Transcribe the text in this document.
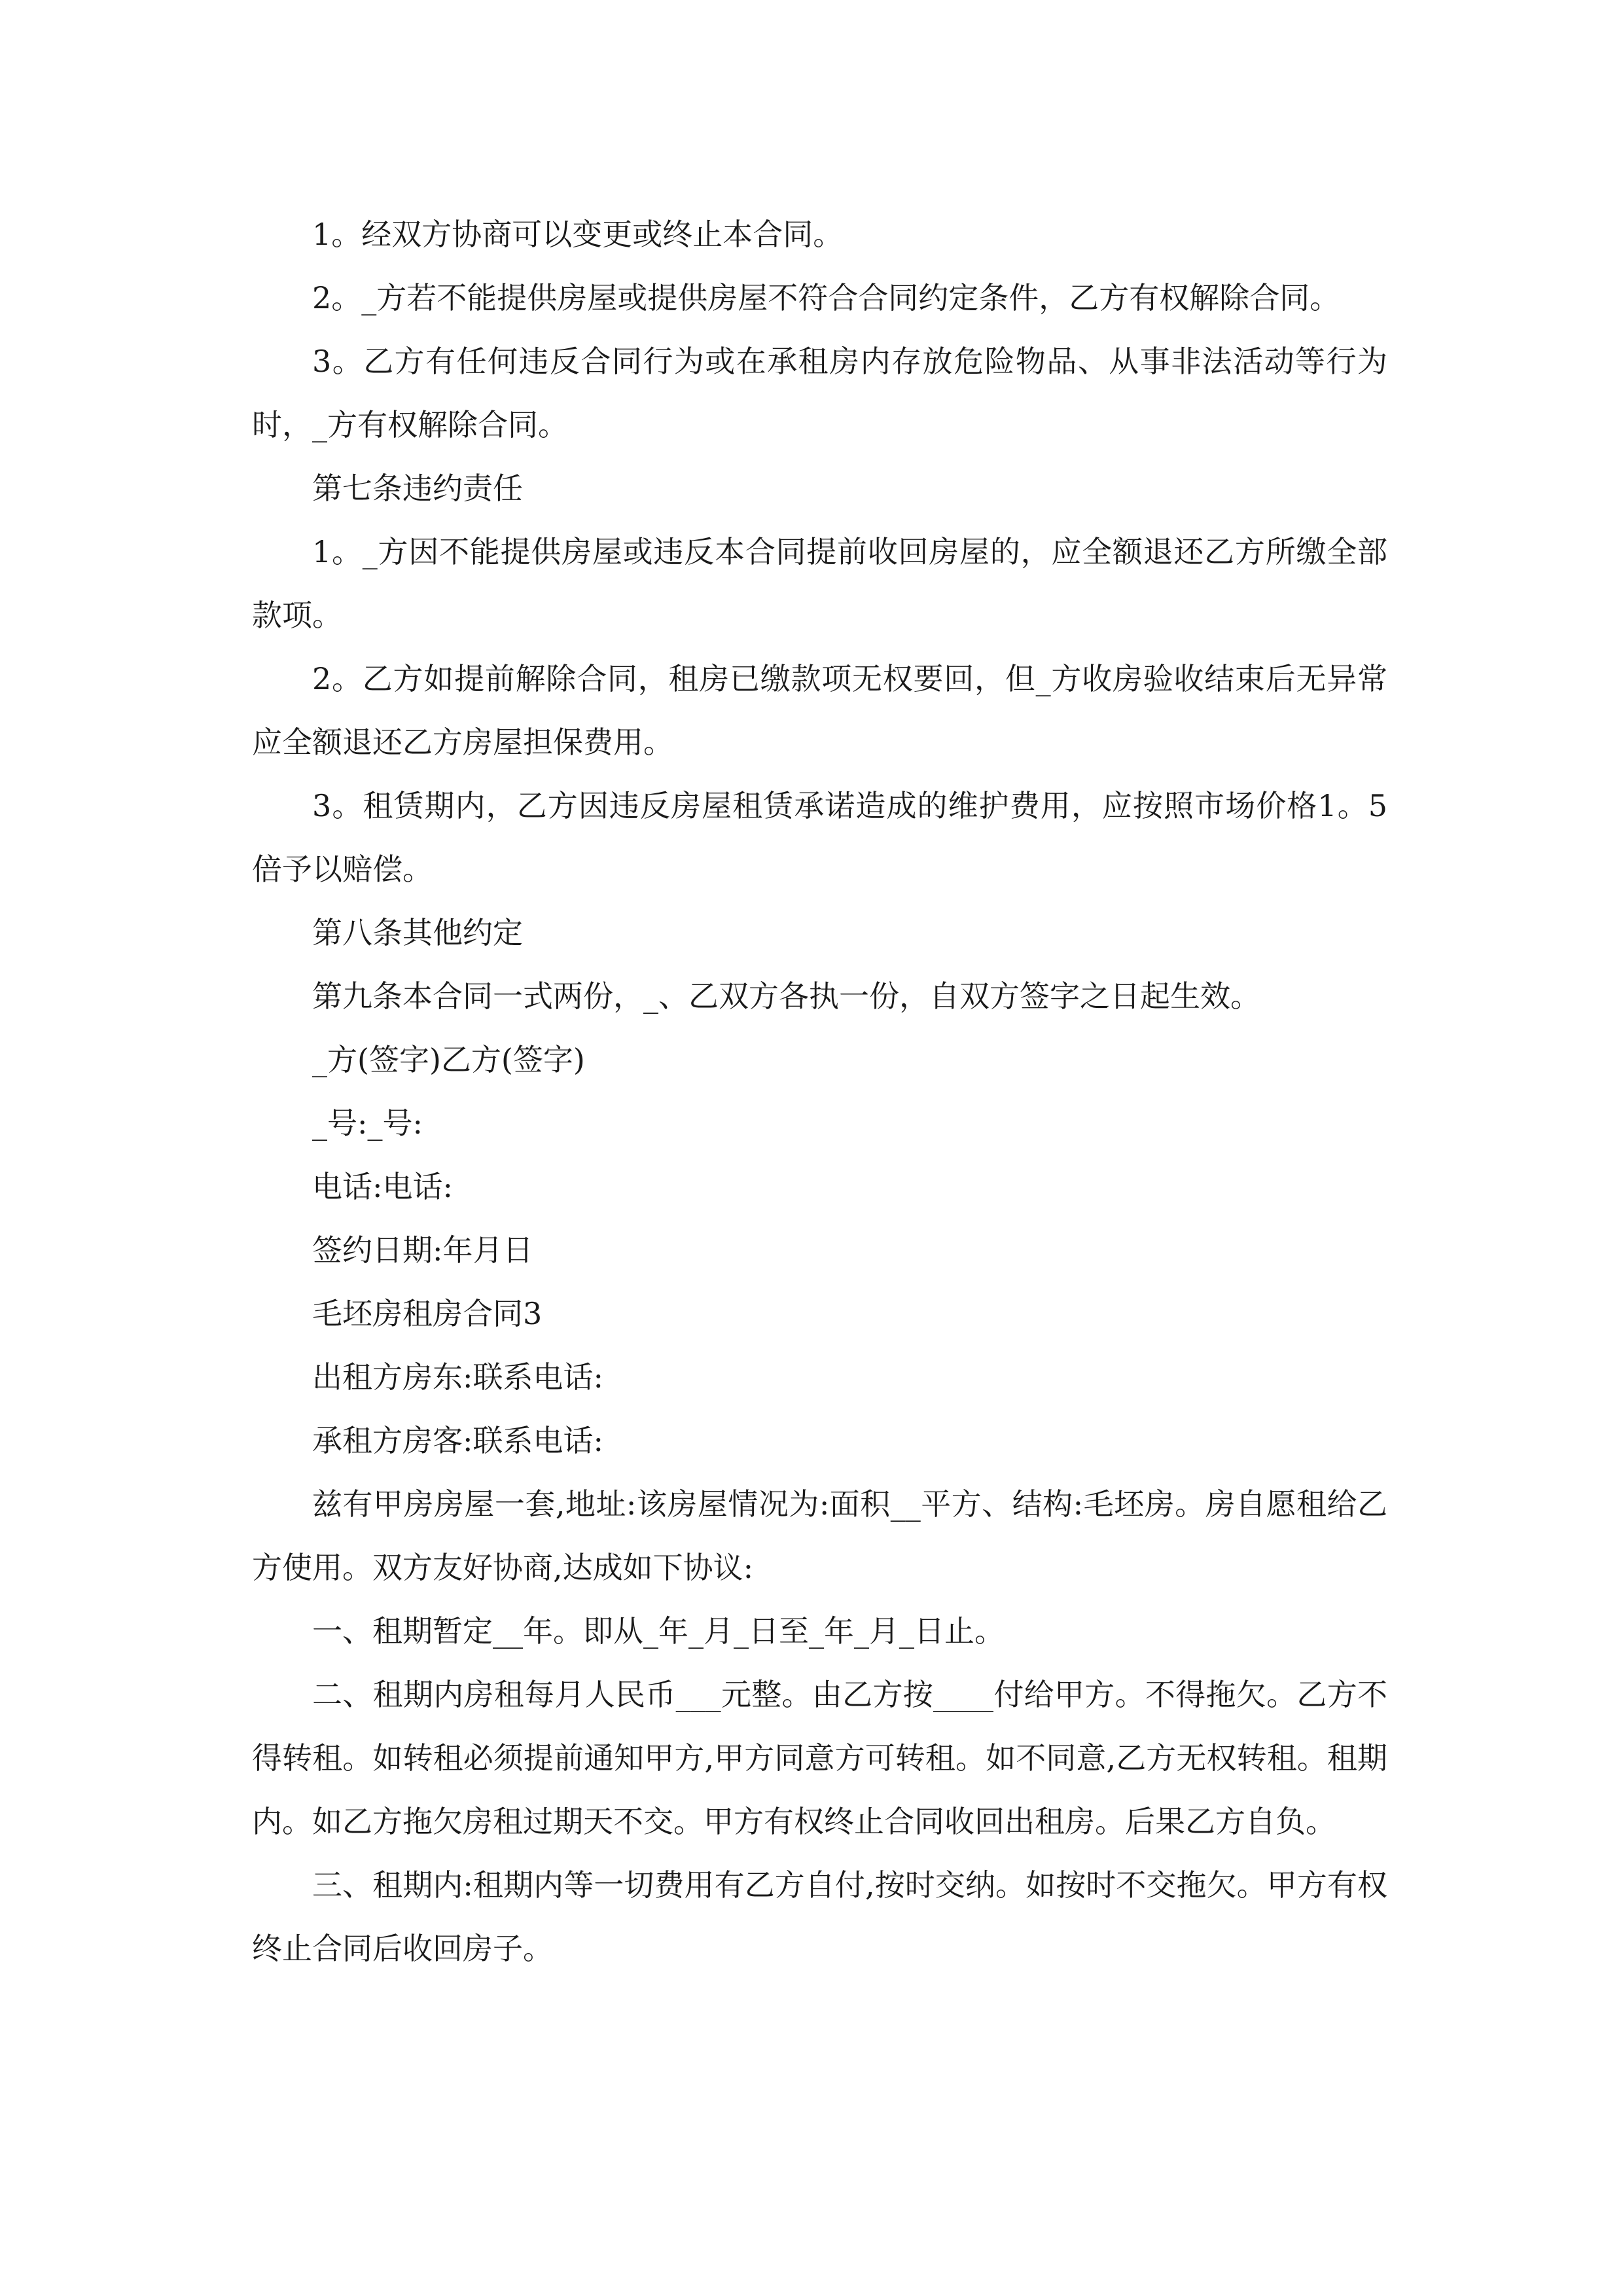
1。经双方协商可以变更或终止本合同。

2。_方若不能提供房屋或提供房屋不符合合同约定条件，乙方有权解除合同。

3。乙方有任何违反合同行为或在承租房内存放危险物品、从事非法活动等行为时，_方有权解除合同。

第七条违约责任

1。_方因不能提供房屋或违反本合同提前收回房屋的，应全额退还乙方所缴全部款项。

2。乙方如提前解除合同，租房已缴款项无权要回，但_方收房验收结束后无异常应全额退还乙方房屋担保费用。

3。租赁期内，乙方因违反房屋租赁承诺造成的维护费用，应按照市场价格1。5倍予以赔偿。

第八条其他约定

第九条本合同一式两份，_、乙双方各执一份，自双方签字之日起生效。

_方(签字)乙方(签字)

_号:_号:

电话:电话:

签约日期:年月日

毛坯房租房合同3

出租方房东:联系电话:

承租方房客:联系电话:

兹有甲房房屋一套,地址:该房屋情况为:面积__平方、结构:毛坯房。房自愿租给乙方使用。双方友好协商,达成如下协议:

一、租期暂定__年。即从_年_月_日至_年_月_日止。

二、租期内房租每月人民币___元整。由乙方按____付给甲方。不得拖欠。乙方不得转租。如转租必须提前通知甲方,甲方同意方可转租。如不同意,乙方无权转租。租期内。如乙方拖欠房租过期天不交。甲方有权终止合同收回出租房。后果乙方自负。

三、租期内:租期内等一切费用有乙方自付,按时交纳。如按时不交拖欠。甲方有权终止合同后收回房子。
